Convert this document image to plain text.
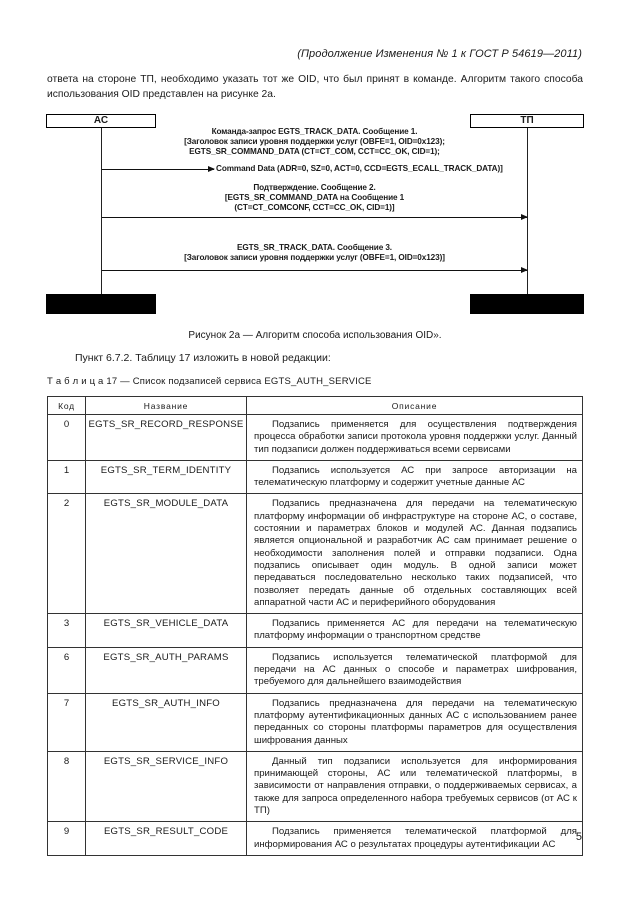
(Продолжение Изменения № 1 к ГОСТ Р 54619—2011)
ответа на стороне ТП, необходимо указать тот же OID, что был принят в команде. Алгоритм такого способа использования OID представлен на рисунке 2а.
АС	ТП
Команда-запрос EGTS_TRACK_DATA. Сообщение 1.
[Заголовок записи уровня поддержки услуг (OBFE=1, OID=0x123);
EGTS_SR_COMMAND_DATA (CT=CT_COM, CCT=CC_OK, CID=1);
Command Data (ADR=0, SZ=0, ACT=0, CCD=EGTS_ECALL_TRACK_DATA)]
Подтверждение. Сообщение 2.
[EGTS_SR_COMMAND_DATA на Сообщение 1
(CT=CT_COMCONF, CCT=CC_OK, CID=1)]
EGTS_SR_TRACK_DATA. Сообщение 3.
[Заголовок записи уровня поддержки услуг (OBFE=1, OID=0x123)]
Рисунок 2а — Алгоритм способа использования OID».
Пункт 6.7.2. Таблицу 17 изложить в новой редакции:
Т а б л и ц а 17 — Список подзаписей сервиса EGTS_AUTH_SERVICE
Код	Название	Описание
0	EGTS_SR_RECORD_RESPONSE	Подзапись применяется для осуществления подтверждения процесса обработки записи протокола уровня поддержки услуг. Данный тип подзаписи должен поддерживаться всеми сервисами

1	EGTS_SR_TERM_IDENTITY	Подзапись используется АС при запросе авторизации на телематическую платформу и содержит учетные данные АС

2	EGTS_SR_MODULE_DATA	Подзапись предназначена для передачи на телематическую платформу информации об инфраструктуре на стороне АС, о составе, состоянии и параметрах блоков и модулей АС. Данная подзапись является опциональной и разработчик АС сам принимает решение о необходимости заполнения полей и отправки подзаписи. Одна подзапись описывает один модуль. В одной записи может передаваться последовательно несколько таких подзаписей, что позволяет передать данные об отдельных составляющих всей аппаратной части АС и периферийного оборудования

3	EGTS_SR_VEHICLE_DATA	Подзапись применяется АС для передачи на телематическую платформу информации о транспортном средстве

6	EGTS_SR_AUTH_PARAMS	Подзапись используется телематической платформой для передачи на АС данных о способе и параметрах шифрования, требуемого для дальнейшего взаимодействия

7	EGTS_SR_AUTH_INFO	Подзапись предназначена для передачи на телематическую платформу аутентификационных данных АС с использованием ранее переданных со стороны платформы параметров для осуществления шифрования данных

8	EGTS_SR_SERVICE_INFO	Данный тип подзаписи используется для информирования принимающей стороны, АС или телематической платформы, в зависимости от направления отправки, о поддерживаемых сервисах, а также для запроса определенного набора требуемых сервисов (от АС к ТП)

9	EGTS_SR_RESULT_CODE	Подзапись применяется телематической платформой для информирования АС о результатах процедуры аутентификации АС
5
